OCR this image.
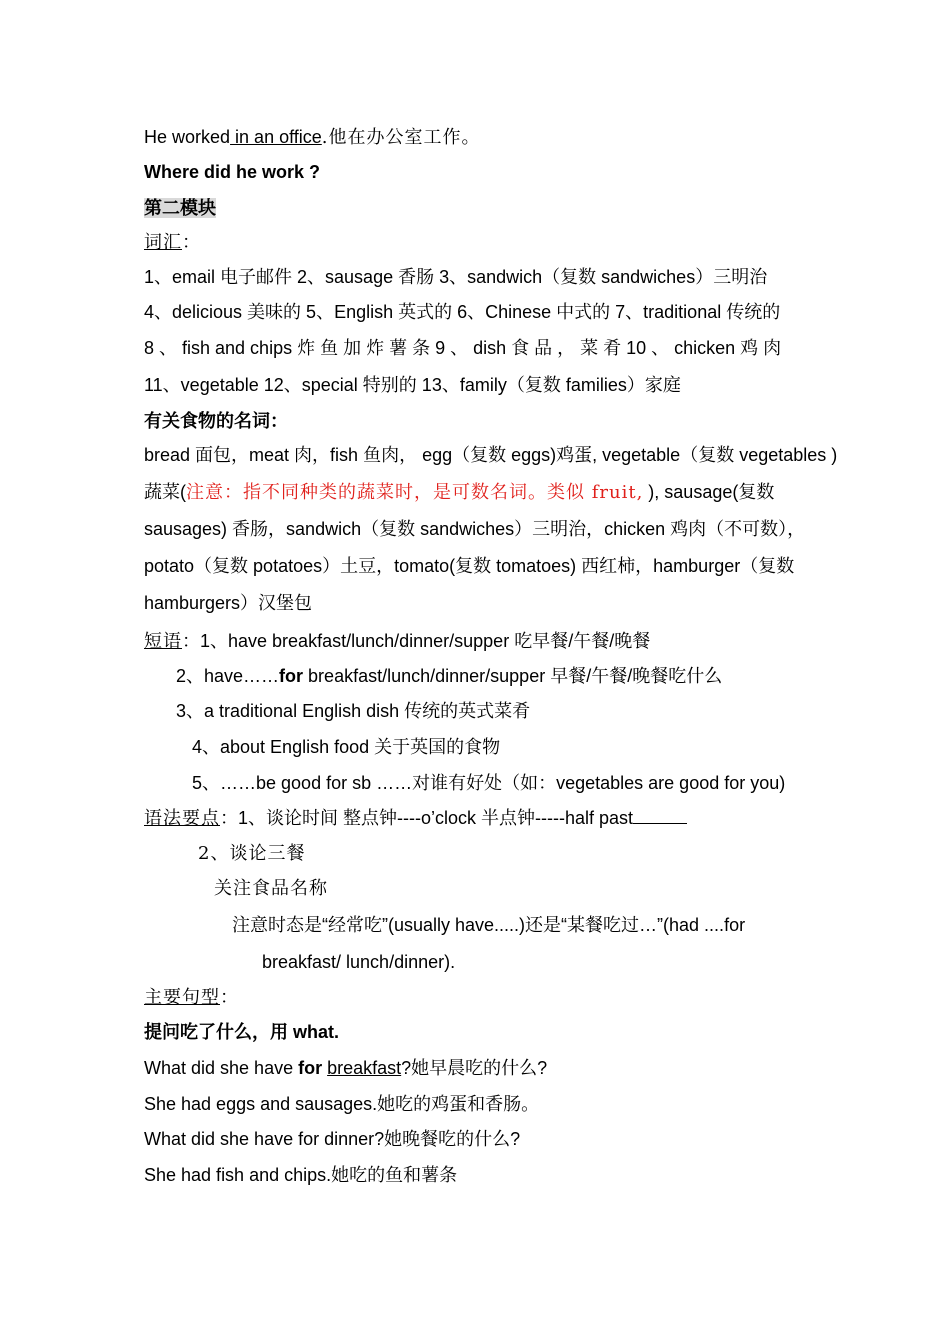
He worked in an office.他在办公室工作。
Where did he work ?
第二模块
词汇：
1、email 电子邮件 2、sausage 香肠 3、sandwich（复数 sandwiches）三明治
4、delicious 美味的 5、English 英式的 6、Chinese 中式的 7、traditional 传统的
8 、 fish and chips 炸 鱼 加 炸 薯 条 9 、 dish 食 品 ， 菜 肴 10 、 chicken 鸡 肉
11、vegetable 12、special 特别的 13、family（复数 families）家庭
有关食物的名词：
bread 面包，meat 肉，fish 鱼肉， egg（复数 eggs)鸡蛋, vegetable（复数 vegetables )蔬菜(注意：指不同种类的蔬菜时，是可数名词。类似 fruit, ), sausage(复数 sausages) 香肠，sandwich（复数 sandwiches）三明治，chicken 鸡肉（不可数），potato（复数 potatoes）土豆，tomato(复数 tomatoes) 西红柿，hamburger（复数 hamburgers）汉堡包
短语：1、have breakfast/lunch/dinner/supper 吃早餐/午餐/晚餐
2、have……for breakfast/lunch/dinner/supper 早餐/午餐/晚餐吃什么
3、a traditional English dish 传统的英式菜肴
4、about English food 关于英国的食物
5、……be good for sb ……对谁有好处（如：vegetables are good for you)
语法要点：1、谈论时间 整点钟----o’clock 半点钟-----half past
2、谈论三餐
关注食品名称
注意时态是“经常吃”(usually have.....)还是“某餐吃过…”(had ....for
breakfast/ lunch/dinner).
主要句型：
提问吃了什么，用 what.
What did she have for breakfast?她早晨吃的什么?
She had eggs and sausages.她吃的鸡蛋和香肠。
What did she have for dinner?她晚餐吃的什么?
She had fish and chips.她吃的鱼和薯条
